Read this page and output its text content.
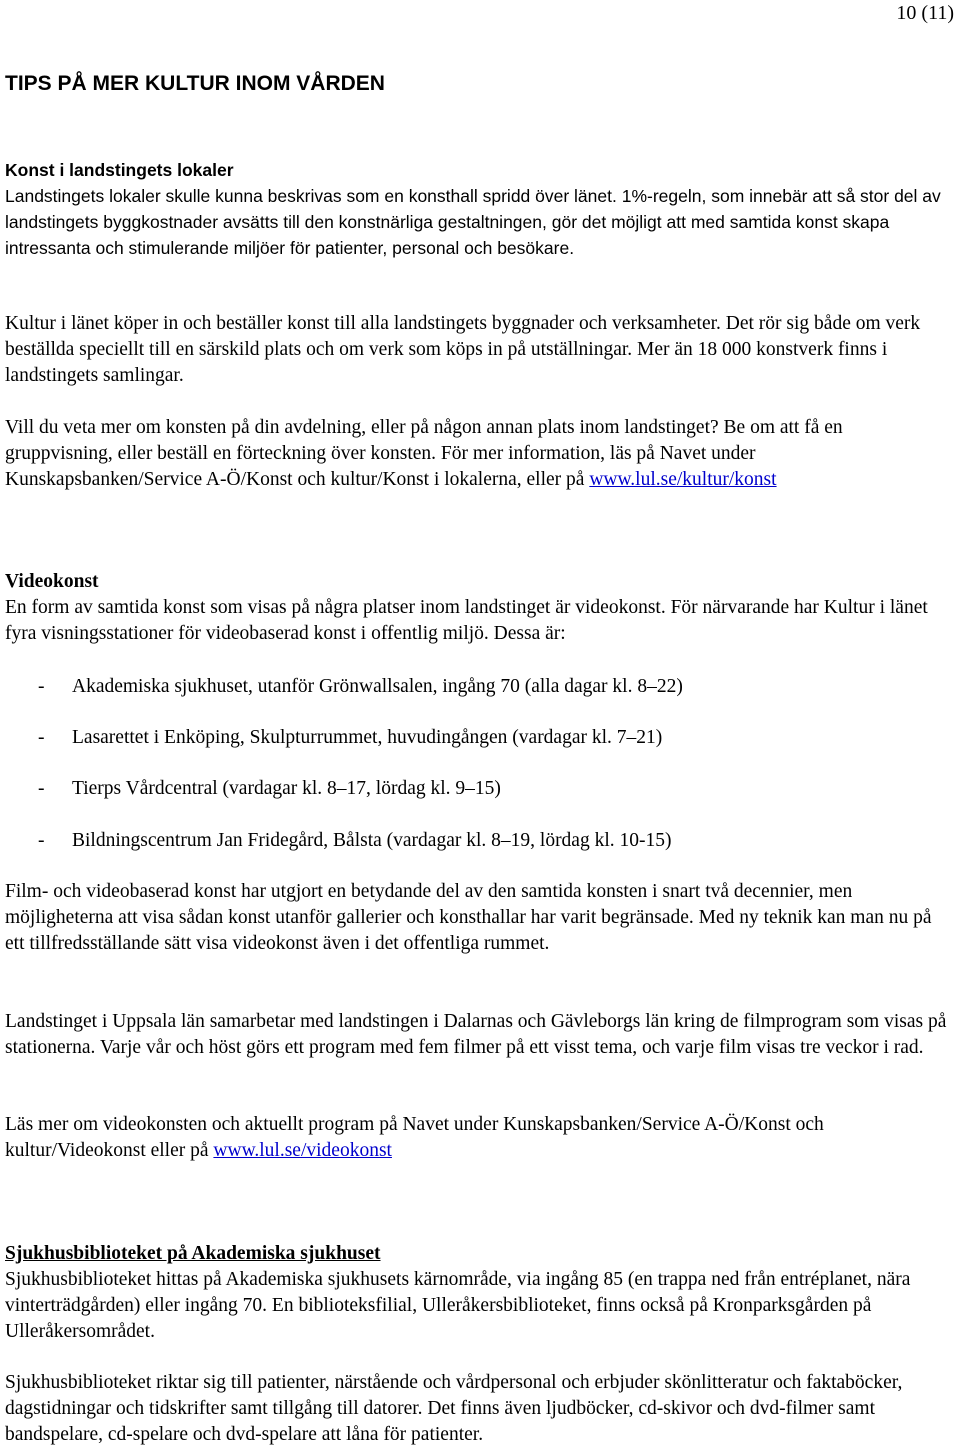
10 (11)
TIPS PÅ MER KULTUR INOM VÅRDEN

Konst i landstingets lokaler

Landstingets lokaler skulle kunna beskrivas som en konsthall spridd över länet. 1%-regeln, som innebär att så stor del av landstingets byggkostnader avsätts till den konstnärliga gestaltningen, gör det möjligt att med samtida konst skapa intressanta och stimulerande miljöer för patienter, personal och besökare.

Kultur i länet köper in och beställer konst till alla landstingets byggnader och verksamheter. Det rör sig både om verk beställda speciellt till en särskild plats och om verk som köps in på utställningar. Mer än 18 000 konstverk finns i landstingets samlingar.

Vill du veta mer om konsten på din avdelning, eller på någon annan plats inom landstinget? Be om att få en gruppvisning, eller beställ en förteckning över konsten. För mer information, läs på Navet under Kunskapsbanken/Service A-Ö/Konst och kultur/Konst i lokalerna, eller på www.lul.se/kultur/konst

Videokonst

En form av samtida konst som visas på några platser inom landstinget är videokonst. För närvarande har Kultur i länet fyra visningsstationer för videobaserad konst i offentlig miljö. Dessa är:

- Akademiska sjukhuset, utanför Grönwallsalen, ingång 70 (alla dagar kl. 8–22)

- Lasarettet i Enköping, Skulpturrummet, huvudingången (vardagar kl. 7–21)

- Tierps Vårdcentral (vardagar kl. 8–17, lördag kl. 9–15)

- Bildningscentrum Jan Fridegård, Bålsta (vardagar kl. 8–19, lördag kl. 10-15)

Film- och videobaserad konst har utgjort en betydande del av den samtida konsten i snart två decennier, men möjligheterna att visa sådan konst utanför gallerier och konsthallar har varit begränsade. Med ny teknik kan man nu på ett tillfredsställande sätt visa videokonst även i det offentliga rummet.

Landstinget i Uppsala län samarbetar med landstingen i Dalarnas och Gävleborgs län kring de filmprogram som visas på stationerna. Varje vår och höst görs ett program med fem filmer på ett visst tema, och varje film visas tre veckor i rad.

Läs mer om videokonsten och aktuellt program på Navet under Kunskapsbanken/Service A-Ö/Konst och kultur/Videokonst eller på www.lul.se/videokonst

Sjukhusbiblioteket på Akademiska sjukhuset

Sjukhusbiblioteket hittas på Akademiska sjukhusets kärnområde, via ingång 85 (en trappa ned från entréplanet, nära vinterträdgården) eller ingång 70. En biblioteksfilial, Ulleråkersbiblioteket, finns också på Kronparksgården på Ulleråkersområdet.

Sjukhusbiblioteket riktar sig till patienter, närstående och vårdpersonal och erbjuder skönlitteratur och faktaböcker, dagstidningar och tidskrifter samt tillgång till datorer. Det finns även ljudböcker, cd-skivor och dvd-filmer samt bandspelare, cd-spelare och dvd-spelare att låna för patienter.
